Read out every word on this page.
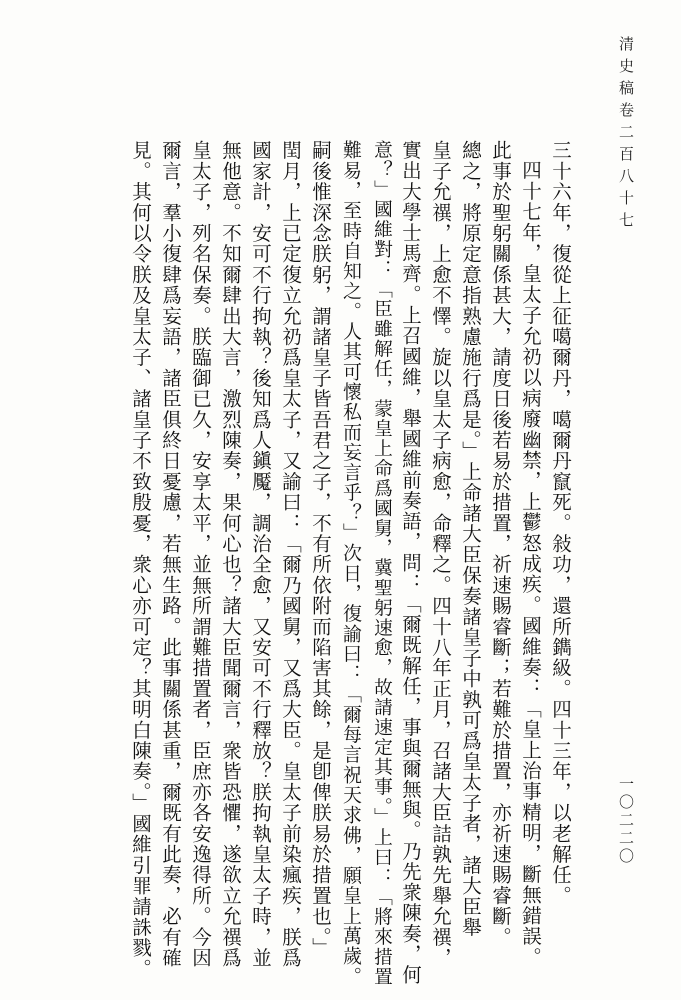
清史稿卷二百八十七
一〇二二〇
三十六年，復從上征噶爾丹，噶爾丹竄死。敍功，還所鐫級。四十三年，以老解任。
四十七年，皇太子允礽以病廢幽禁，上鬱怒成疾。國維奏：「皇上治事精明，斷無錯誤。
此事於聖躬關係甚大，請度日後若易於措置，祈速賜睿斷；若難於措置，亦祈速賜睿斷。
總之，將原定意指熟慮施行爲是。」上命諸大臣保奏諸皇子中孰可爲皇太子者，諸大臣舉
皇子允禩，上愈不懌。旋以皇太子病愈，命釋之。四十八年正月，召諸大臣詰孰先舉允禩，
實出大學士馬齊。上召國維，舉國維前奏語，問：「爾既解任，事與爾無與。乃先衆陳奏，何
意？」國維對：「臣雖解任，蒙皇上命爲國舅，冀聖躬速愈，故請速定其事。」上曰：「將來措置
難易，至時自知之。人其可懷私而妄言乎？」次日，復諭曰：「爾每言祝天求佛，願皇上萬歲。
嗣後惟深念朕躬，謂諸皇子皆吾君之子，不有所依附而陷害其餘，是卽俾朕易於措置也。」
閏月，上已定復立允礽爲皇太子，又諭曰：「爾乃國舅，又爲大臣。皇太子前染瘋疾，朕爲
國家計，安可不行拘執？後知爲人鎭魘，調治全愈，又安可不行釋放？朕拘執皇太子時，並
無他意。不知爾肆出大言，激烈陳奏，果何心也？諸大臣聞爾言，衆皆恐懼，遂欲立允禩爲
皇太子，列名保奏。朕臨御已久，安享太平，並無所謂難措置者，臣庶亦各安逸得所。今因
爾言，羣小復肆爲妄語，諸臣俱終日憂慮，若無生路。此事關係甚重，爾既有此奏，必有確
見。其何以令朕及皇太子、諸皇子不致殷憂，衆心亦可定？其明白陳奏。」國維引罪請誅戮。
